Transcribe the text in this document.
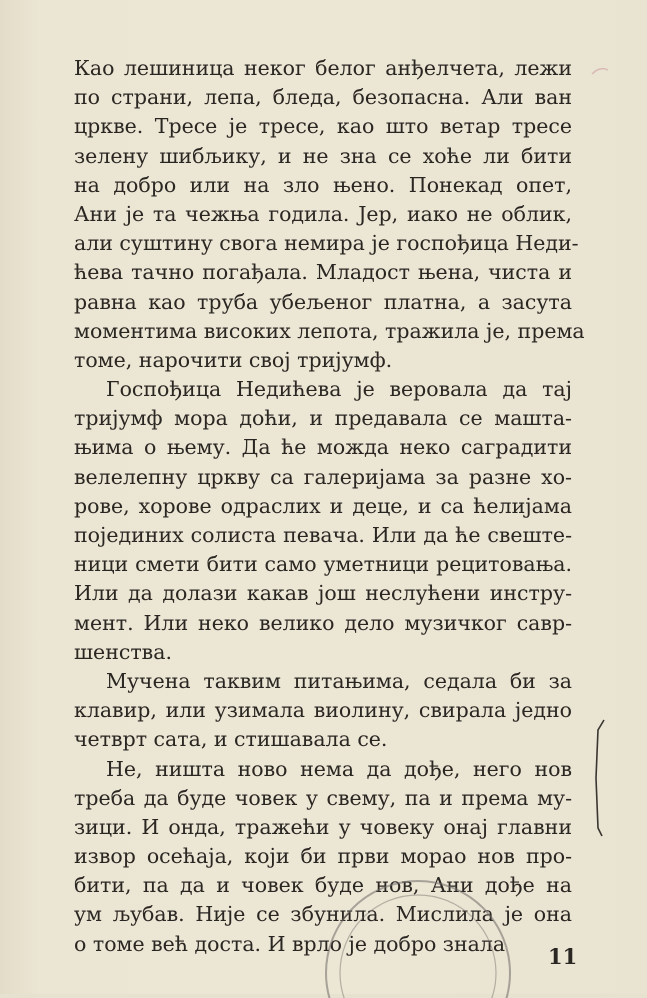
Као лешиница неког белог анђелчета, лежи
по страни, лепа, бледа, безопасна. Али ван
цркве. Тресе је тресе, као што ветар тресе
зелену шибљику, и не зна се хоће ли бити
на добро или на зло њено. Понекад опет,
Ани је та чежња годила. Јер, иако не облик,
али суштину свога немира је госпођица Неди-
ћева тачно погађала. Младост њена, чиста и
равна као труба убељеног платна, а засута
моментима високих лепота, тражила је, према
томе, нарочити свој тријумф.
Госпођица Недићева је веровала да тај
тријумф мора доћи, и предавала се машта-
њима о њему. Да ће можда неко саградити
велелепну цркву са галеријама за разне хо-
рове, хорове одраслих и деце, и са ћелијама
појединих солиста певача. Или да ће свеште-
ници смети бити само уметници рецитовања.
Или да долази какав још неслућени инстру-
мент. Или неко велико дело музичког савр-
шенства.
Мучена таквим питањима, седала би за
клавир, или узимала виолину, свирала једно
четврт сата, и стишавала се.
Не, ништа ново нема да дође, него нов
треба да буде човек у свему, па и према му-
зици. И онда, тражећи у човеку онај главни
извор осећаја, који би први морао нов про-
бити, па да и човек буде нов, Ани дође на
ум љубав. Није се збунила. Мислила је она
о томе већ доста. И врло је добро знала
11
